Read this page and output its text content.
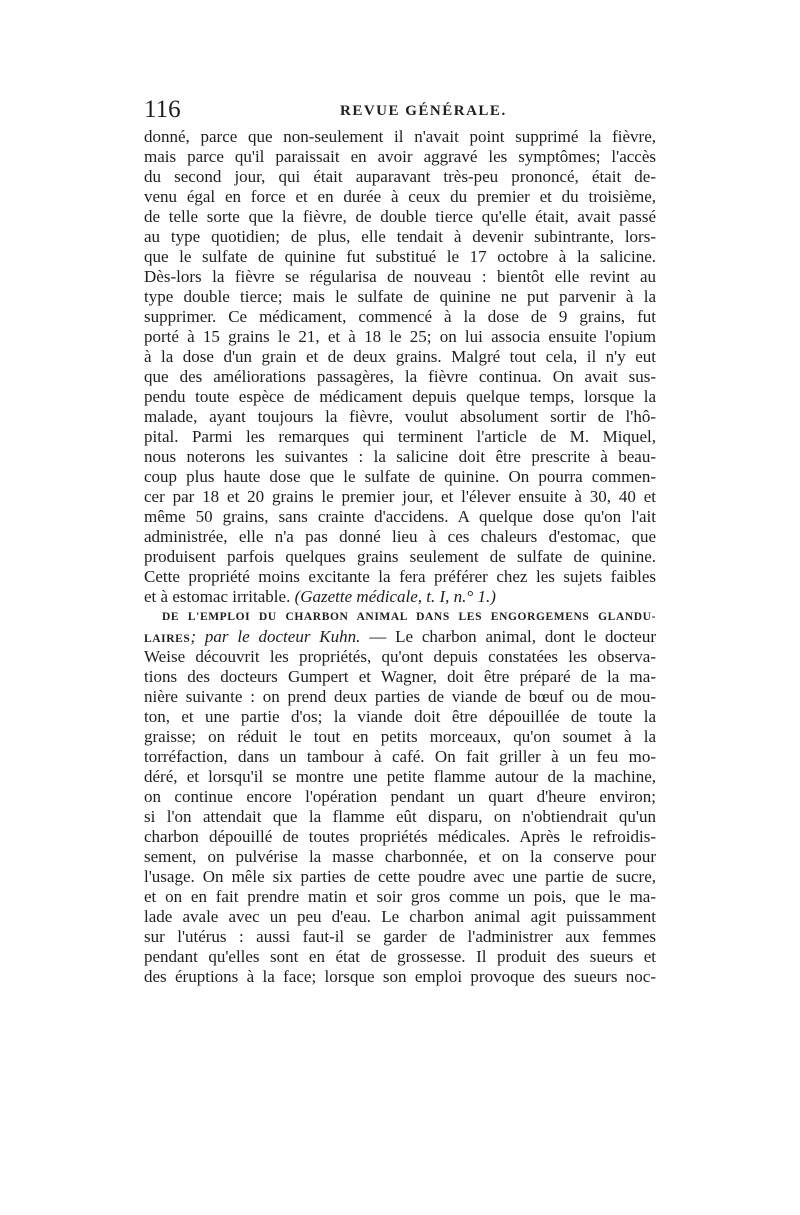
116	REVUE GÉNÉRALE.
donné, parce que non-seulement il n'avait point supprimé la fièvre,
mais parce qu'il paraissait en avoir aggravé les symptômes; l'accès
du second jour, qui était auparavant très-peu prononcé, était de-
venu égal en force et en durée à ceux du premier et du troisième,
de telle sorte que la fièvre, de double tierce qu'elle était, avait passé
au type quotidien; de plus, elle tendait à devenir subintrante, lors-
que le sulfate de quinine fut substitué le 17 octobre à la salicine.
Dès-lors la fièvre se régularisa de nouveau : bientôt elle revint au
type double tierce; mais le sulfate de quinine ne put parvenir à la
supprimer. Ce médicament, commencé à la dose de 9 grains, fut
porté à 15 grains le 21, et à 18 le 25; on lui associa ensuite l'opium
à la dose d'un grain et de deux grains. Malgré tout cela, il n'y eut
que des améliorations passagères, la fièvre continua. On avait sus-
pendu toute espèce de médicament depuis quelque temps, lorsque la
malade, ayant toujours la fièvre, voulut absolument sortir de l'hô-
pital. Parmi les remarques qui terminent l'article de M. Miquel,
nous noterons les suivantes : la salicine doit être prescrite à beau-
coup plus haute dose que le sulfate de quinine. On pourra commen-
cer par 18 et 20 grains le premier jour, et l'élever ensuite à 30, 40 et
même 50 grains, sans crainte d'accidens. A quelque dose qu'on l'ait
administrée, elle n'a pas donné lieu à ces chaleurs d'estomac, que
produisent parfois quelques grains seulement de sulfate de quinine.
Cette propriété moins excitante la fera préférer chez les sujets faibles
et à estomac irritable. (Gazette médicale, t. I, n.° 1.)
DE L'EMPLOI DU CHARBON ANIMAL DANS LES ENGORGEMENS GLANDU-
LAIRES; par le docteur Kuhn. — Le charbon animal, dont le docteur
Weise découvrit les propriétés, qu'ont depuis constatées les observa-
tions des docteurs Gumpert et Wagner, doit être préparé de la ma-
nière suivante : on prend deux parties de viande de bœuf ou de mou-
ton, et une partie d'os; la viande doit être dépouillée de toute la
graisse; on réduit le tout en petits morceaux, qu'on soumet à la
torréfaction, dans un tambour à café. On fait griller à un feu mo-
déré, et lorsqu'il se montre une petite flamme autour de la machine,
on continue encore l'opération pendant un quart d'heure environ;
si l'on attendait que la flamme eût disparu, on n'obtiendrait qu'un
charbon dépouillé de toutes propriétés médicales. Après le refroidis-
sement, on pulvérise la masse charbonnée, et on la conserve pour
l'usage. On mêle six parties de cette poudre avec une partie de sucre,
et on en fait prendre matin et soir gros comme un pois, que le ma-
lade avale avec un peu d'eau. Le charbon animal agit puissamment
sur l'utérus : aussi faut-il se garder de l'administrer aux femmes
pendant qu'elles sont en état de grossesse. Il produit des sueurs et
des éruptions à la face; lorsque son emploi provoque des sueurs noc-
